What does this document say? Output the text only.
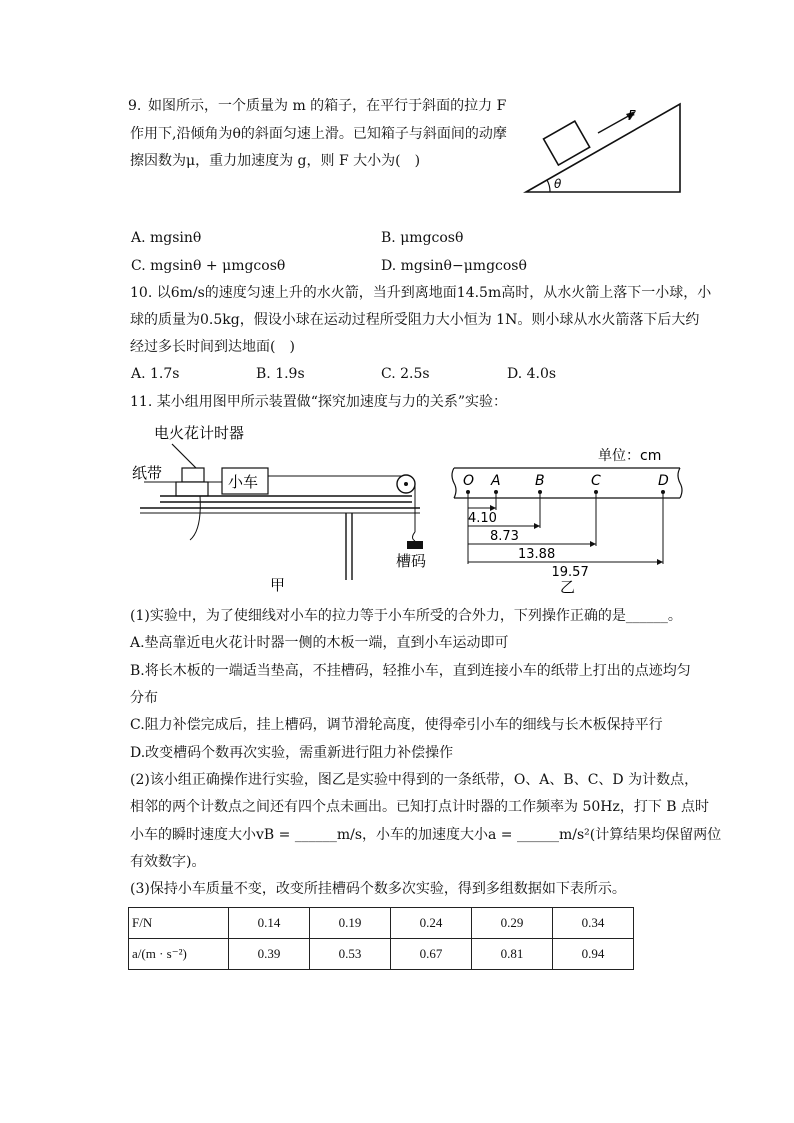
9. 如图所示，一个质量为 m 的箱子，在平行于斜面的拉力 F
作用下,沿倾角为θ的斜面匀速上滑。已知箱子与斜面间的动摩
擦因数为μ，重力加速度为 g，则 F 大小为(　)
F
θ
A. mgsinθ	B. μmgcosθ
C. mgsinθ + μmgcosθ	D. mgsinθ−μmgcosθ
10. 以6m/s的速度匀速上升的水火箭，当升到离地面14.5m高时，从水火箭上落下一小球，小
球的质量为0.5kg，假设小球在运动过程所受阻力大小恒为 1N。则小球从水火箭落下后大约
经过多长时间到达地面(　)
A. 1.7s	B. 1.9s	C. 2.5s	D. 4.0s
11. 某小组用图甲所示装置做“探究加速度与力的关系”实验：
电火花计时器
纸带	小车
槽码
甲
单位：cm
O A B	C	D
4.10
8.73
13.88
19.57
乙
(1)实验中，为了使细线对小车的拉力等于小车所受的合外力，下列操作正确的是______。
A.垫高靠近电火花计时器一侧的木板一端，直到小车运动即可
B.将长木板的一端适当垫高，不挂槽码，轻推小车，直到连接小车的纸带上打出的点迹均匀
分布
C.阻力补偿完成后，挂上槽码，调节滑轮高度，使得牵引小车的细线与长木板保持平行
D.改变槽码个数再次实验，需重新进行阻力补偿操作
(2)该小组正确操作进行实验，图乙是实验中得到的一条纸带，O、A、B、C、D 为计数点，
相邻的两个计数点之间还有四个点未画出。已知打点计时器的工作频率为 50Hz，打下 B 点时
小车的瞬时速度大小vB = ______m/s，小车的加速度大小a = ______m/s²(计算结果均保留两位
有效数字)。
(3)保持小车质量不变，改变所挂槽码个数多次实验，得到多组数据如下表所示。
F/N	0.14	0.19	0.24	0.29	0.34
a/(m · s⁻²)	0.39	0.53	0.67	0.81	0.94
